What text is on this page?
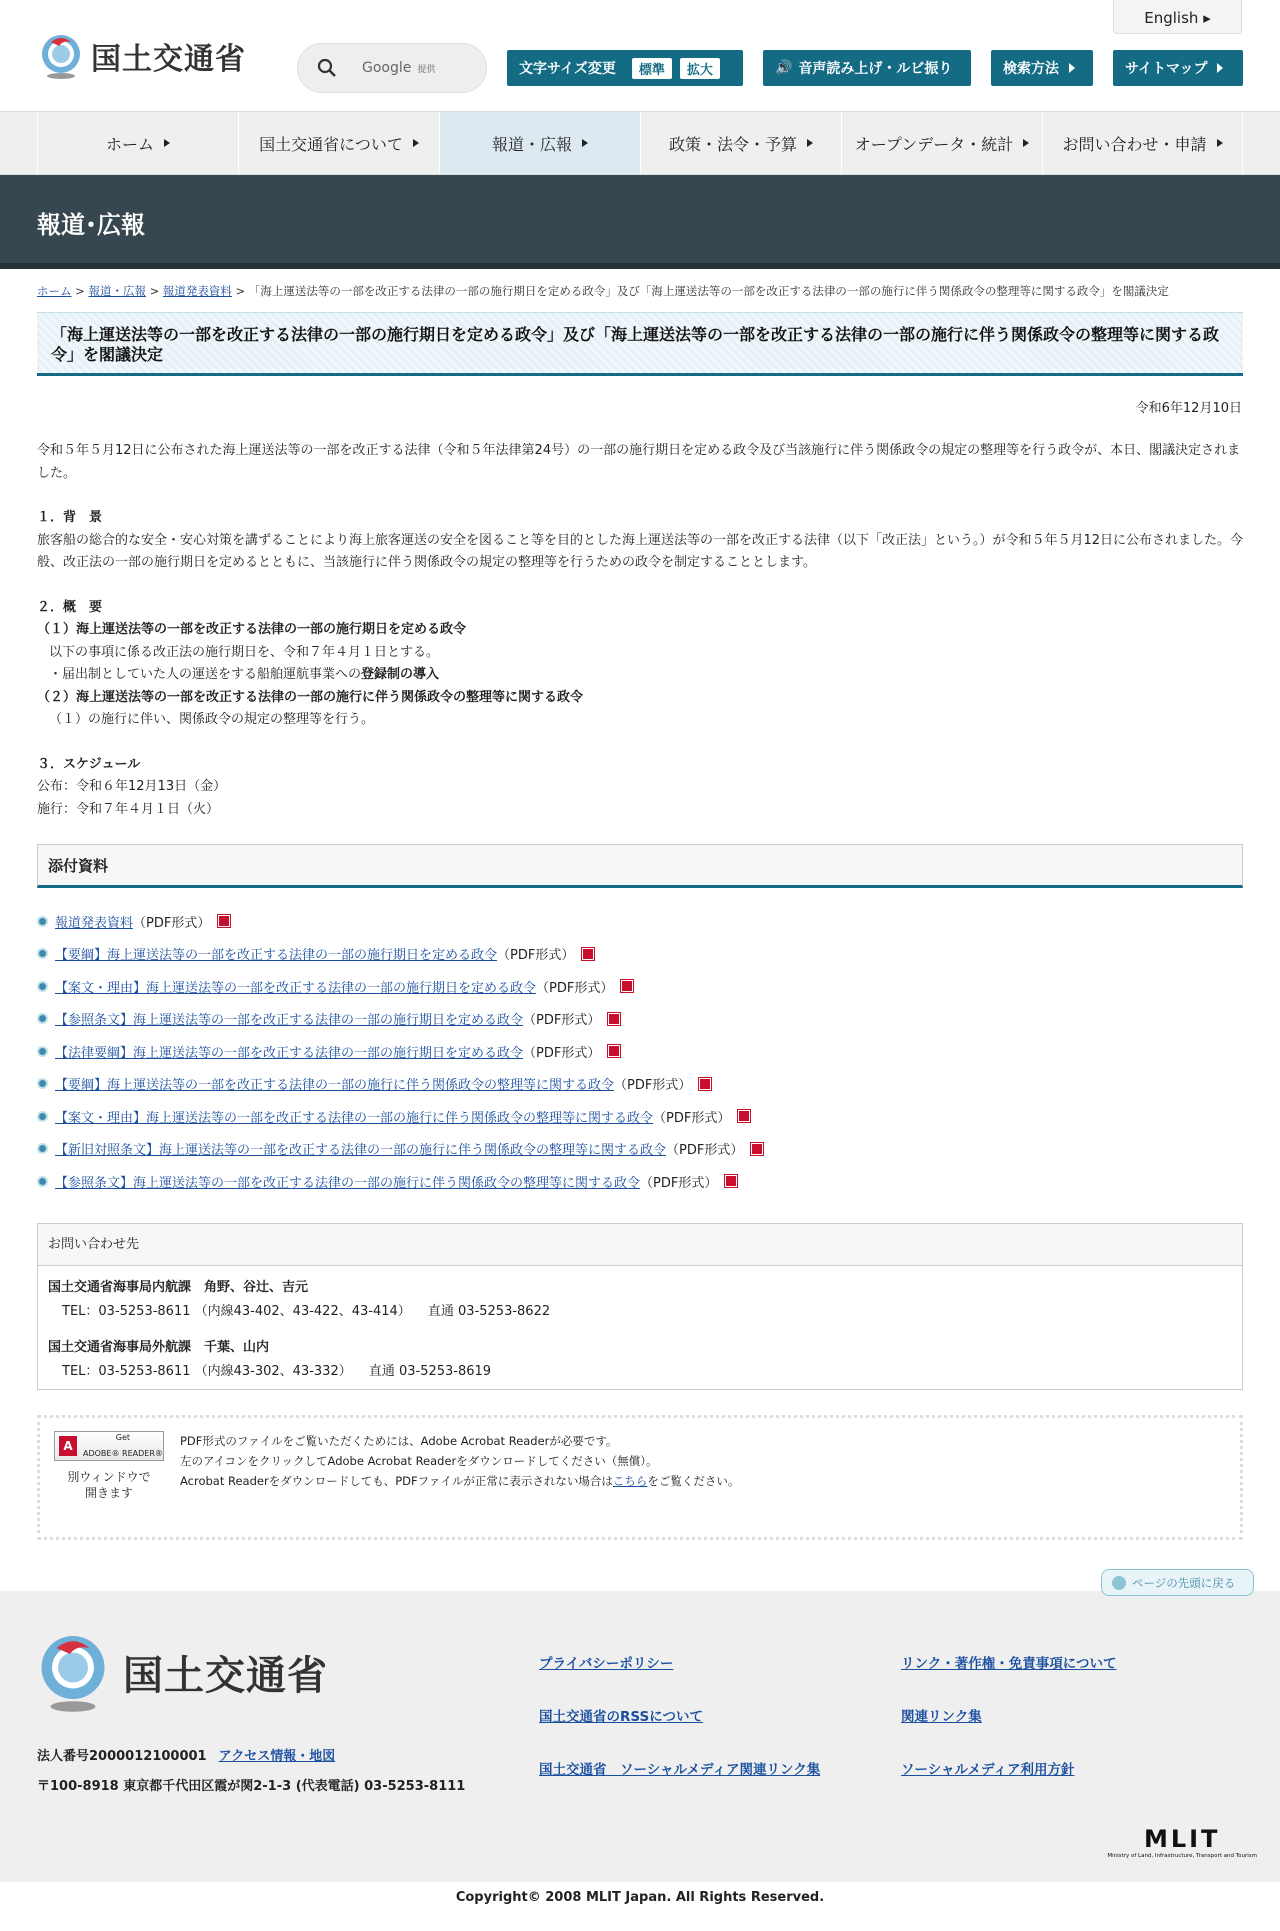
国土交通省
English ▸
Google 提供	文字サイズ変更	標準	拡大	🔊 音声読み上げ・ルビ振り	検索方法	サイトマップ
ホーム	国土交通省について	報道・広報	政策・法令・予算	オープンデータ・統計	お問い合わせ・申請
報道･広報
ホーム > 報道・広報 > 報道発表資料 > 「海上運送法等の一部を改正する法律の一部の施行期日を定める政令」及び「海上運送法等の一部を改正する法律の一部の施行に伴う関係政令の整理等に関する政令」を閣議決定
「海上運送法等の一部を改正する法律の一部の施行期日を定める政令」及び「海上運送法等の一部を改正する法律の一部の施行に伴う関係政令の整理等に関する政令」を閣議決定
令和6年12月10日

令和５年５月12日に公布された海上運送法等の一部を改正する法律（令和５年法律第24号）の一部の施行期日を定める政令及び当該施行に伴う関係政令の規定の整理等を行う政令が、本日、閣議決定されました。

１．背　景

旅客船の総合的な安全・安心対策を講ずることにより海上旅客運送の安全を図ること等を目的とした海上運送法等の一部を改正する法律（以下「改正法」という。）が令和５年５月12日に公布されました。今般、改正法の一部の施行期日を定めるとともに、当該施行に伴う関係政令の規定の整理等を行うための政令を制定することとします。

２．概　要

（１）海上運送法等の一部を改正する法律の一部の施行期日を定める政令

以下の事項に係る改正法の施行期日を、令和７年４月１日とする。

・届出制としていた人の運送をする船舶運航事業への登録制の導入

（２）海上運送法等の一部を改正する法律の一部の施行に伴う関係政令の整理等に関する政令

（１）の施行に伴い、関係政令の規定の整理等を行う。

３．スケジュール

公布：令和６年12月13日（金）

施行：令和７年４月１日（火）

添付資料
報道発表資料 （PDF形式）
【要綱】海上運送法等の一部を改正する法律の一部の施行期日を定める政令 （PDF形式）
【案文・理由】海上運送法等の一部を改正する法律の一部の施行期日を定める政令 （PDF形式）
【参照条文】海上運送法等の一部を改正する法律の一部の施行期日を定める政令 （PDF形式）
【法律要綱】海上運送法等の一部を改正する法律の一部の施行期日を定める政令 （PDF形式）
【要綱】海上運送法等の一部を改正する法律の一部の施行に伴う関係政令の整理等に関する政令 （PDF形式）
【案文・理由】海上運送法等の一部を改正する法律の一部の施行に伴う関係政令の整理等に関する政令 （PDF形式）
【新旧対照条文】海上運送法等の一部を改正する法律の一部の施行に伴う関係政令の整理等に関する政令 （PDF形式）
【参照条文】海上運送法等の一部を改正する法律の一部の施行に伴う関係政令の整理等に関する政令 （PDF形式）
お問い合わせ先
国土交通省海事局内航課　角野、谷辻、吉元
TEL：03-5253-8611 （内線43-402、43-422、43-414） 　直通 03-5253-8622
国土交通省海事局外航課　千葉、山内
TEL：03-5253-8611 （内線43-302、43-332） 　直通 03-5253-8619
A
Get
ADOBE® READER®
別ウィンドウで
開きます
PDF形式のファイルをご覧いただくためには、Adobe Acrobat Readerが必要です。
左のアイコンをクリックしてAdobe Acrobat Readerをダウンロードしてください（無償）。
Acrobat Readerをダウンロードしても、PDFファイルが正常に表示されない場合はこちらをご覧ください。
国土交通省
法人番号2000012100001 アクセス情報・地図
〒100-8918 東京都千代田区霞が関2-1-3 (代表電話) 03-5253-8111
プライバシーポリシー	リンク・著作権・免責事項について
国土交通省のRSSについて	関連リンク集
国土交通省　ソーシャルメディア関連リンク集	ソーシャルメディア利用方針
MLIT
Ministry of Land, Infrastructure, Transport and Tourism
ページの先頭に戻る
Copyright© 2008 MLIT Japan. All Rights Reserved.
